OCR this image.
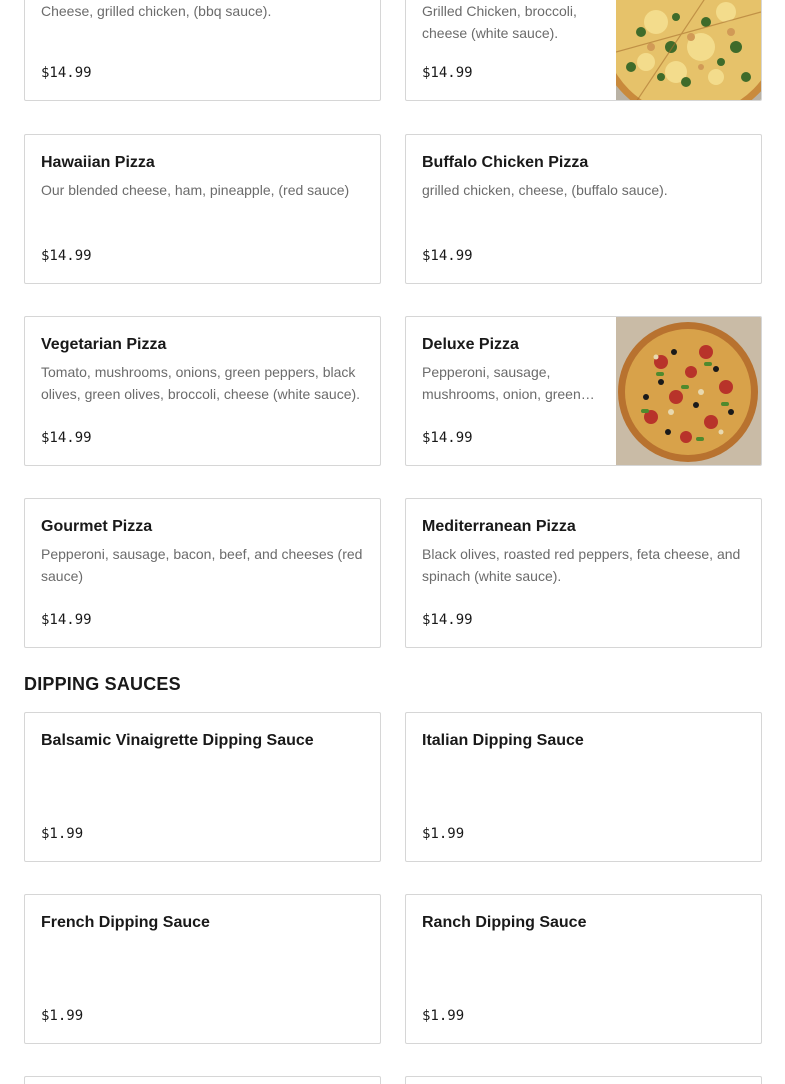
Cheese, grilled chicken, (bbq sauce).
$14.99
Grilled Chicken, broccoli, cheese (white sauce).
$14.99
Hawaiian Pizza
Our blended cheese, ham, pineapple, (red sauce)
$14.99
Buffalo Chicken Pizza
grilled chicken, cheese, (buffalo sauce).
$14.99
Vegetarian Pizza
Tomato, mushrooms, onions, green peppers, black olives, green olives, broccoli, cheese (white sauce).
$14.99
Deluxe Pizza
Pepperoni, sausage, mushrooms, onion, green…
$14.99
Gourmet Pizza
Pepperoni, sausage, bacon, beef, and cheeses (red sauce)
$14.99
Mediterranean Pizza
Black olives, roasted red peppers, feta cheese, and spinach (white sauce).
$14.99
DIPPING SAUCES
Balsamic Vinaigrette Dipping Sauce
$1.99
Italian Dipping Sauce
$1.99
French Dipping Sauce
$1.99
Ranch Dipping Sauce
$1.99
